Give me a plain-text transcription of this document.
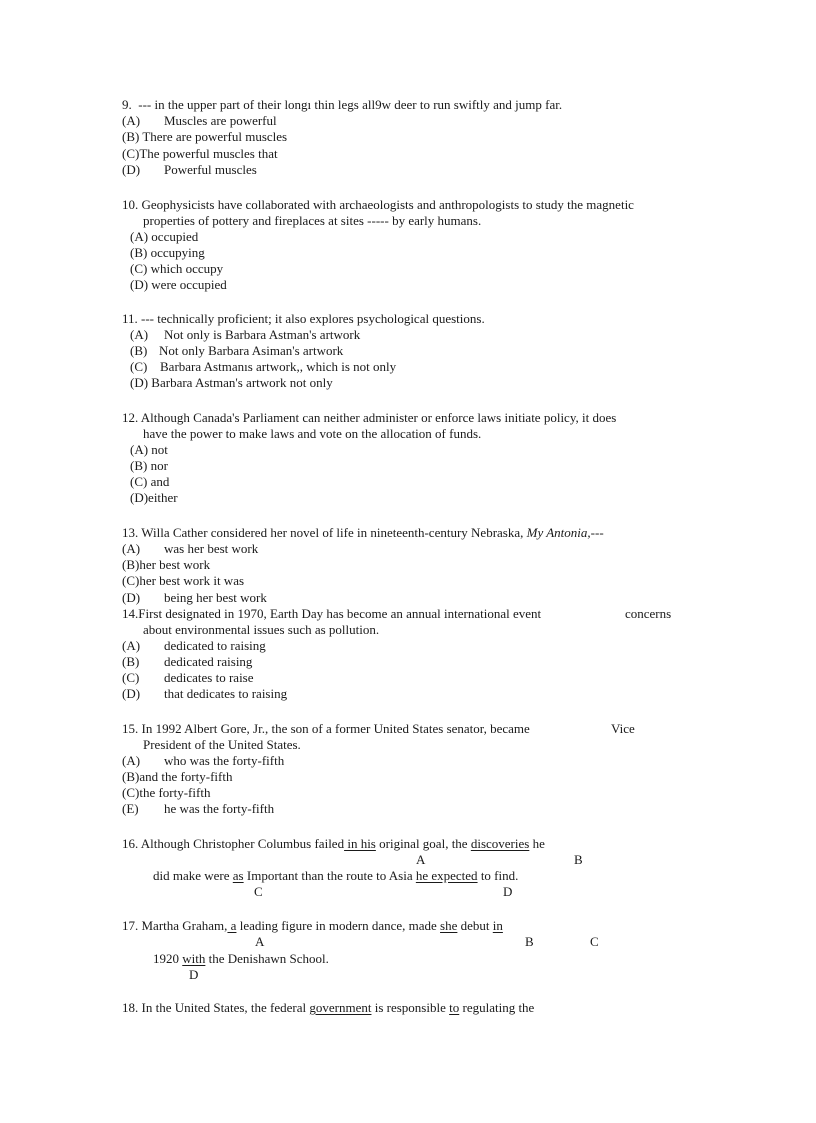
9.  --- in the upper part of their longı thin legs all9w deer to run swiftly and jump far.
(A) Muscles are powerful
(B) There are powerful muscles
(C)The powerful muscles that
(D) Powerful muscles
10. Geophysicists have collaborated with archaeologists and anthropologists to study the magnetic
properties of pottery and fireplaces at sites ----- by early humans.
(A) occupied
(B) occupying
(C) which occupy
(D) were occupied
11. --- technically proficient; it also explores psychological questions.
(A) Not only is Barbara Astman's artwork
(B) Not only Barbara Asiman's artwork
(C) Barbara Astmanıs artwork,, which is not only
(D) Barbara Astman's artwork not only
12. Although Canada's Parliament can neither administer or enforce laws initiate policy, it does
have the power to make laws and vote on the allocation of funds.
(A) not
(B) nor
(C) and
(D)either
13. Willa Cather considered her novel of life in nineteenth-century Nebraska, My Antonia,---
(A) was her best work
(B)her best work
(C)her best work it was
(D) being her best work
14.First designated in 1970, Earth Day has become an annual international event	concerns
about environmental issues such as pollution.
(A) dedicated to raising
(B) dedicated raising
(C) dedicates to raise
(D) that dedicates to raising
15. In 1992 Albert Gore, Jr., the son of a former United States senator, became	Vice
President of the United States.
(A) who was the forty-fifth
(B)and the forty-fifth
(C)the forty-fifth
(E) he was the forty-fifth
16. Although Christopher Columbus failed in his original goal, the discoveries he
A	B
did make were as Important than the route to Asia he expected to find.
C	D
17. Martha Graham, a leading figure in modern dance, made she debut in
A	B	C
1920 with the Denishawn School.
D
18. In the United States, the federal government is responsible to regulating the
